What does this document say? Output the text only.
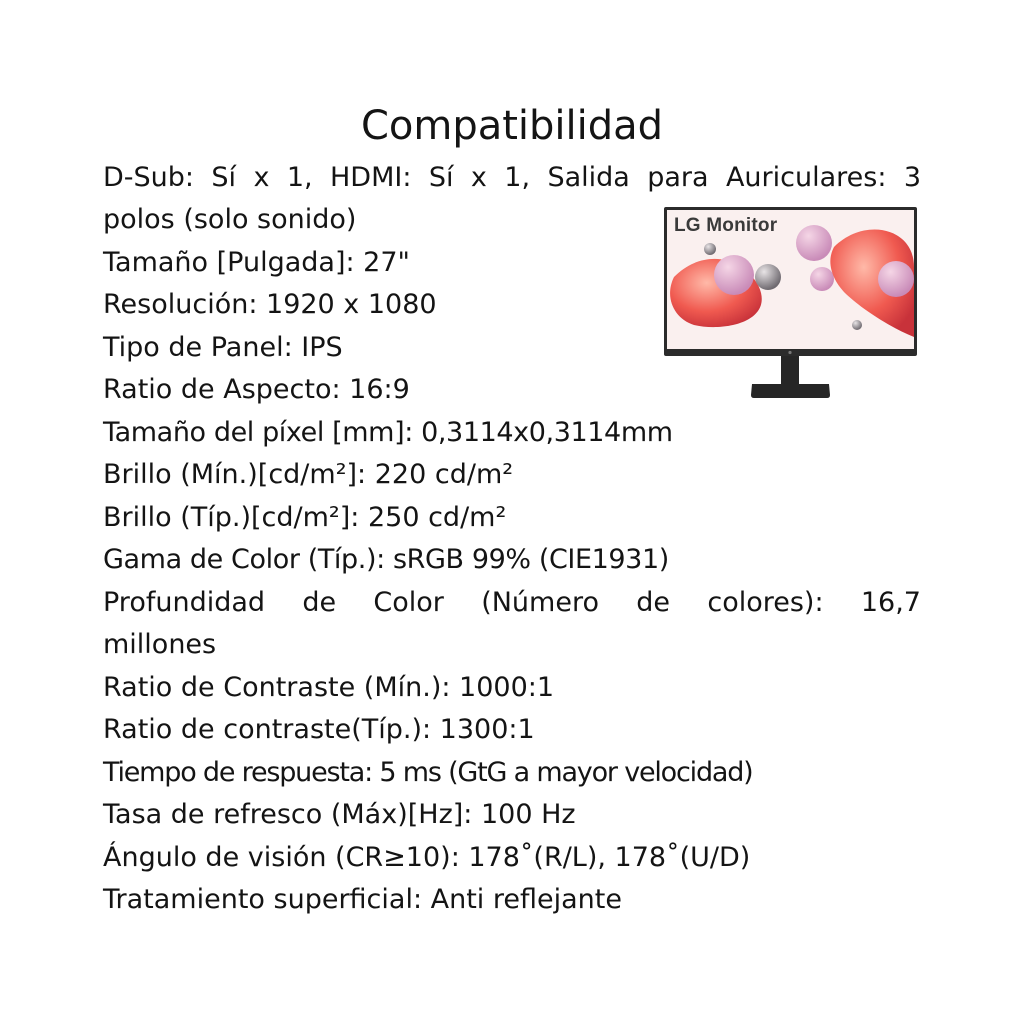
Compatibilidad

D-Sub: Sí x 1, HDMI: Sí x 1, Salida para Auriculares: 3

polos (solo sonido)

Tamaño [Pulgada]: 27"

Resolución: 1920 x 1080

Tipo de Panel: IPS

Ratio de Aspecto: 16:9

Tamaño del píxel [mm]: 0,3114x0,3114mm

Brillo (Mín.)[cd/m²]: 220 cd/m²

Brillo (Típ.)[cd/m²]: 250 cd/m²

Gama de Color (Típ.): sRGB 99% (CIE1931)

Profundidad de Color (Número de colores): 16,7

millones

Ratio de Contraste (Mín.): 1000:1

Ratio de contraste(Típ.): 1300:1

Tiempo de respuesta: 5 ms (GtG a mayor velocidad)

Tasa de refresco (Máx)[Hz]: 100 Hz

Ángulo de visión (CR≥10): 178˚(R/L), 178˚(U/D)

Tratamiento superficial: Anti reflejante

LG Monitor
